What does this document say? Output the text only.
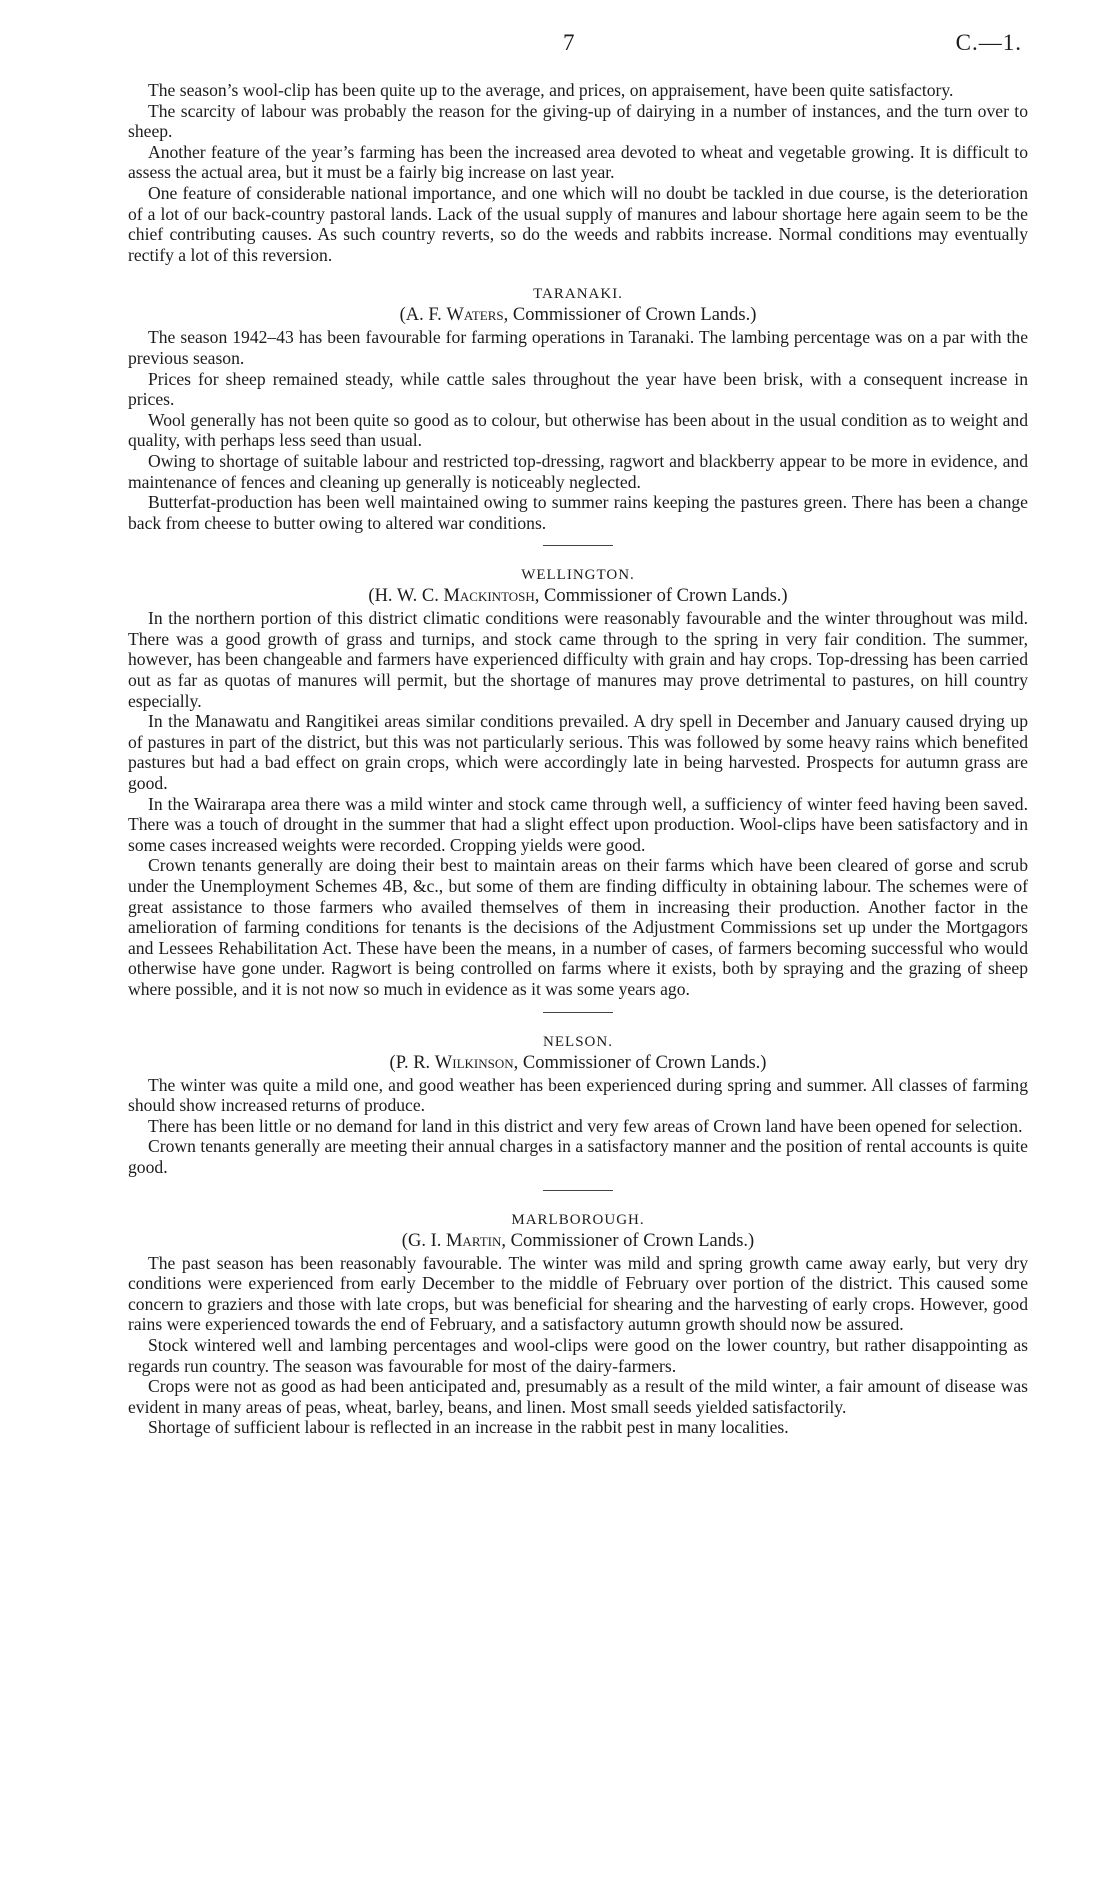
7	C.—1.

The season’s wool-clip has been quite up to the average, and prices, on appraisement, have been quite satisfactory.

The scarcity of labour was probably the reason for the giving-up of dairying in a number of instances, and the turn over to sheep.

Another feature of the year’s farming has been the increased area devoted to wheat and vegetable growing. It is difficult to assess the actual area, but it must be a fairly big increase on last year.

One feature of considerable national importance, and one which will no doubt be tackled in due course, is the deterioration of a lot of our back-country pastoral lands. Lack of the usual supply of manures and labour shortage here again seem to be the chief contributing causes. As such country reverts, so do the weeds and rabbits increase. Normal conditions may eventually rectify a lot of this reversion.

TARANAKI.
(A. F. Waters, Commissioner of Crown Lands.)

The season 1942–43 has been favourable for farming operations in Taranaki. The lambing percentage was on a par with the previous season.

Prices for sheep remained steady, while cattle sales throughout the year have been brisk, with a consequent increase in prices.

Wool generally has not been quite so good as to colour, but otherwise has been about in the usual condition as to weight and quality, with perhaps less seed than usual.

Owing to shortage of suitable labour and restricted top-dressing, ragwort and blackberry appear to be more in evidence, and maintenance of fences and cleaning up generally is noticeably neglected.

Butterfat-production has been well maintained owing to summer rains keeping the pastures green. There has been a change back from cheese to butter owing to altered war conditions.

WELLINGTON.
(H. W. C. Mackintosh, Commissioner of Crown Lands.)

In the northern portion of this district climatic conditions were reasonably favourable and the winter throughout was mild. There was a good growth of grass and turnips, and stock came through to the spring in very fair condition. The summer, however, has been changeable and farmers have experienced difficulty with grain and hay crops. Top-dressing has been carried out as far as quotas of manures will permit, but the shortage of manures may prove detrimental to pastures, on hill country especially.

In the Manawatu and Rangitikei areas similar conditions prevailed. A dry spell in December and January caused drying up of pastures in part of the district, but this was not particularly serious. This was followed by some heavy rains which benefited pastures but had a bad effect on grain crops, which were accordingly late in being harvested. Prospects for autumn grass are good.

In the Wairarapa area there was a mild winter and stock came through well, a sufficiency of winter feed having been saved. There was a touch of drought in the summer that had a slight effect upon production. Wool-clips have been satisfactory and in some cases increased weights were recorded. Cropping yields were good.

Crown tenants generally are doing their best to maintain areas on their farms which have been cleared of gorse and scrub under the Unemployment Schemes 4B, &c., but some of them are finding difficulty in obtaining labour. The schemes were of great assistance to those farmers who availed themselves of them in increasing their production. Another factor in the amelioration of farming conditions for tenants is the decisions of the Adjustment Commissions set up under the Mortgagors and Lessees Rehabilitation Act. These have been the means, in a number of cases, of farmers becoming successful who would otherwise have gone under. Ragwort is being controlled on farms where it exists, both by spraying and the grazing of sheep where possible, and it is not now so much in evidence as it was some years ago.

NELSON.
(P. R. Wilkinson, Commissioner of Crown Lands.)

The winter was quite a mild one, and good weather has been experienced during spring and summer. All classes of farming should show increased returns of produce.

There has been little or no demand for land in this district and very few areas of Crown land have been opened for selection.

Crown tenants generally are meeting their annual charges in a satisfactory manner and the position of rental accounts is quite good.

MARLBOROUGH.
(G. I. Martin, Commissioner of Crown Lands.)

The past season has been reasonably favourable. The winter was mild and spring growth came away early, but very dry conditions were experienced from early December to the middle of February over portion of the district. This caused some concern to graziers and those with late crops, but was beneficial for shearing and the harvesting of early crops. However, good rains were experienced towards the end of February, and a satisfactory autumn growth should now be assured.

Stock wintered well and lambing percentages and wool-clips were good on the lower country, but rather disappointing as regards run country. The season was favourable for most of the dairy-farmers.

Crops were not as good as had been anticipated and, presumably as a result of the mild winter, a fair amount of disease was evident in many areas of peas, wheat, barley, beans, and linen. Most small seeds yielded satisfactorily.

Shortage of sufficient labour is reflected in an increase in the rabbit pest in many localities.
